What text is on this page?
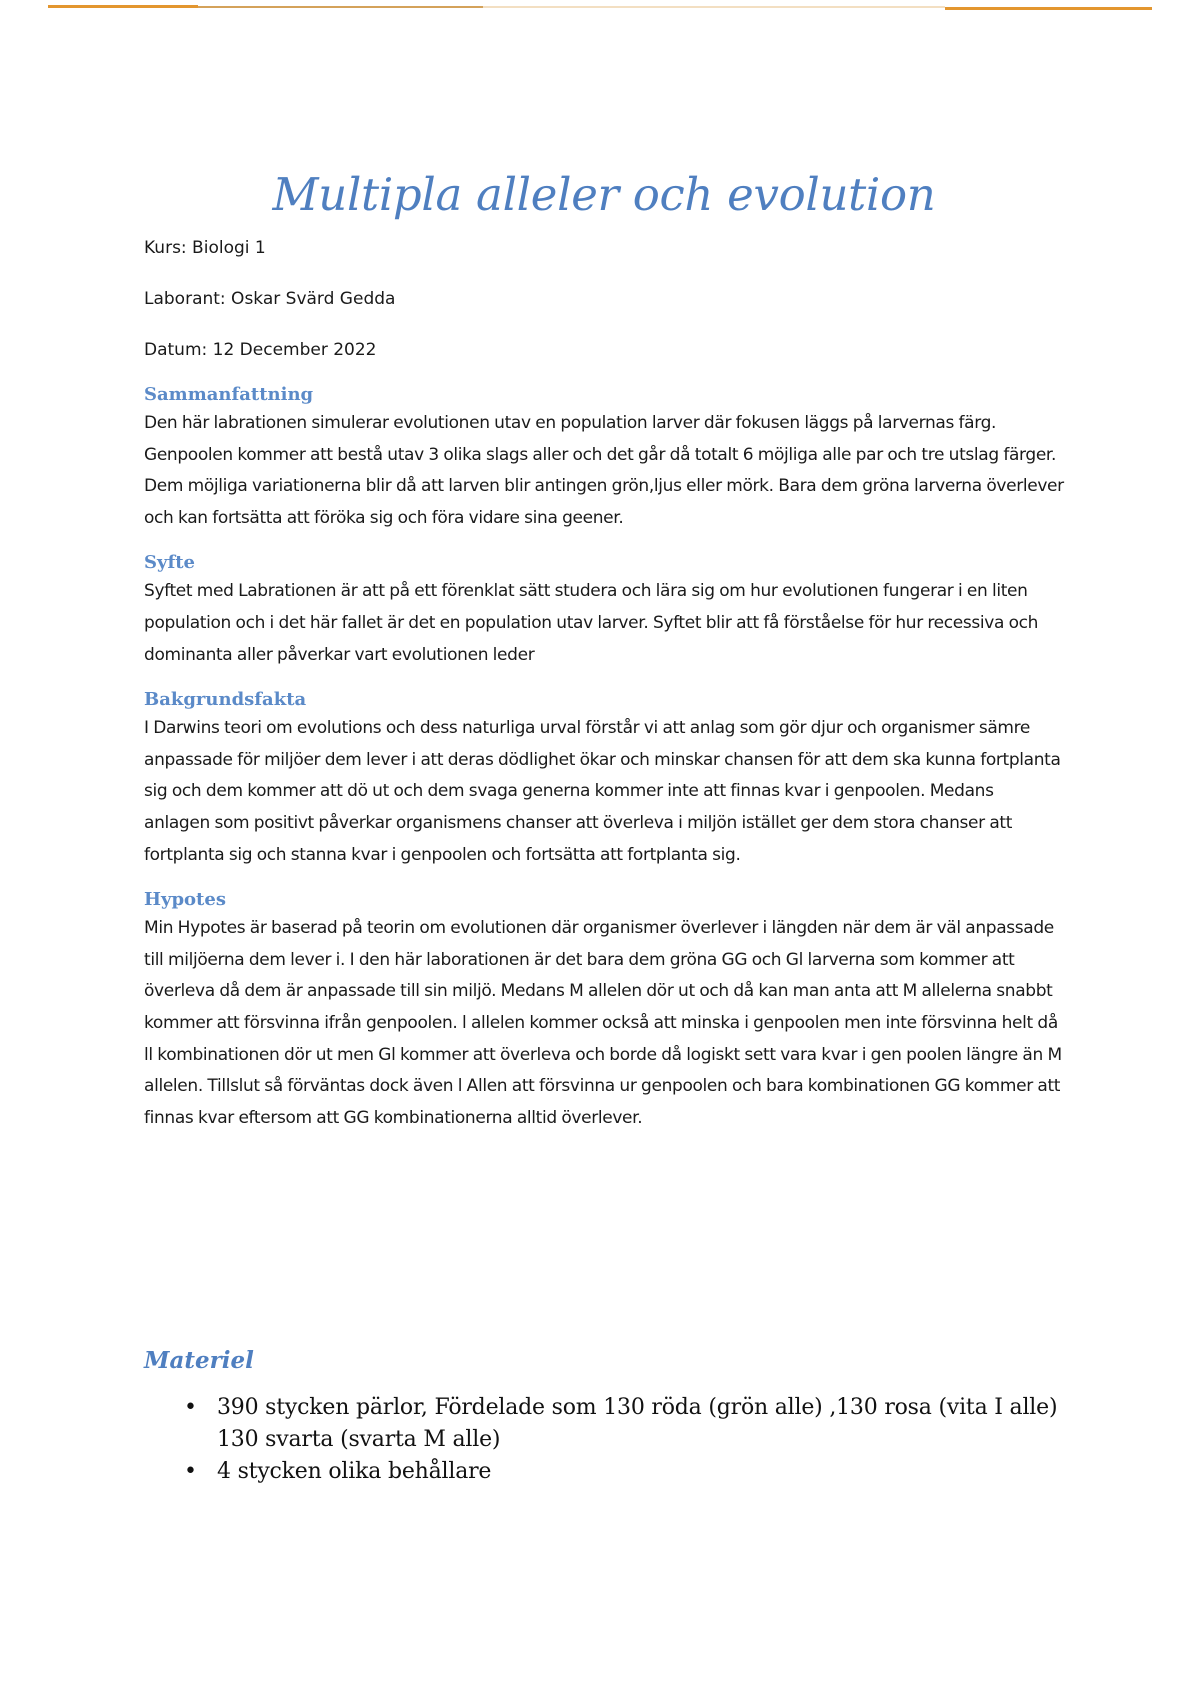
Multipla alleler och evolution

Kurs: Biologi 1

Laborant: Oskar Svärd Gedda

Datum: 12 December 2022

Sammanfattning

Den här labrationen simulerar evolutionen utav en population larver där fokusen läggs på larvernas färg. Genpoolen kommer att bestå utav 3 olika slags aller och det går då totalt 6 möjliga alle par och tre utslag färger. Dem möjliga variationerna blir då att larven blir antingen grön,ljus eller mörk. Bara dem gröna larverna överlever och kan fortsätta att föröka sig och föra vidare sina geener.

Syfte

Syftet med Labrationen är att på ett förenklat sätt studera och lära sig om hur evolutionen fungerar i en liten population och i det här fallet är det en population utav larver. Syftet blir att få förståelse för hur recessiva och dominanta aller påverkar vart evolutionen leder

Bakgrundsfakta

I Darwins teori om evolutions och dess naturliga urval förstår vi att anlag som gör djur och organismer sämre anpassade för miljöer dem lever i att deras dödlighet ökar och minskar chansen för att dem ska kunna fortplanta sig och dem kommer att dö ut och dem svaga generna kommer inte att finnas kvar i genpoolen. Medans anlagen som positivt påverkar organismens chanser att överleva i miljön istället ger dem stora chanser att fortplanta sig och stanna kvar i genpoolen och fortsätta att fortplanta sig.

Hypotes

Min Hypotes är baserad på teorin om evolutionen där organismer överlever i längden när dem är väl anpassade till miljöerna dem lever i. I den här laborationen är det bara dem gröna GG och Gl larverna som kommer att överleva då dem är anpassade till sin miljö. Medans M allelen dör ut och då kan man anta att M allelerna snabbt kommer att försvinna ifrån genpoolen. l allelen kommer också att minska i genpoolen men inte försvinna helt då ll kombinationen dör ut men Gl kommer att överleva och borde då logiskt sett vara kvar i gen poolen längre än M allelen. Tillslut så förväntas dock även l Allen att försvinna ur genpoolen och bara kombinationen GG kommer att finnas kvar eftersom att GG kombinationerna alltid överlever.

Materiel
• 390 stycken pärlor, Fördelade som 130 röda (grön alle) ,130 rosa (vita I alle) 130 svarta (svarta M alle)
• 4 stycken olika behållare
